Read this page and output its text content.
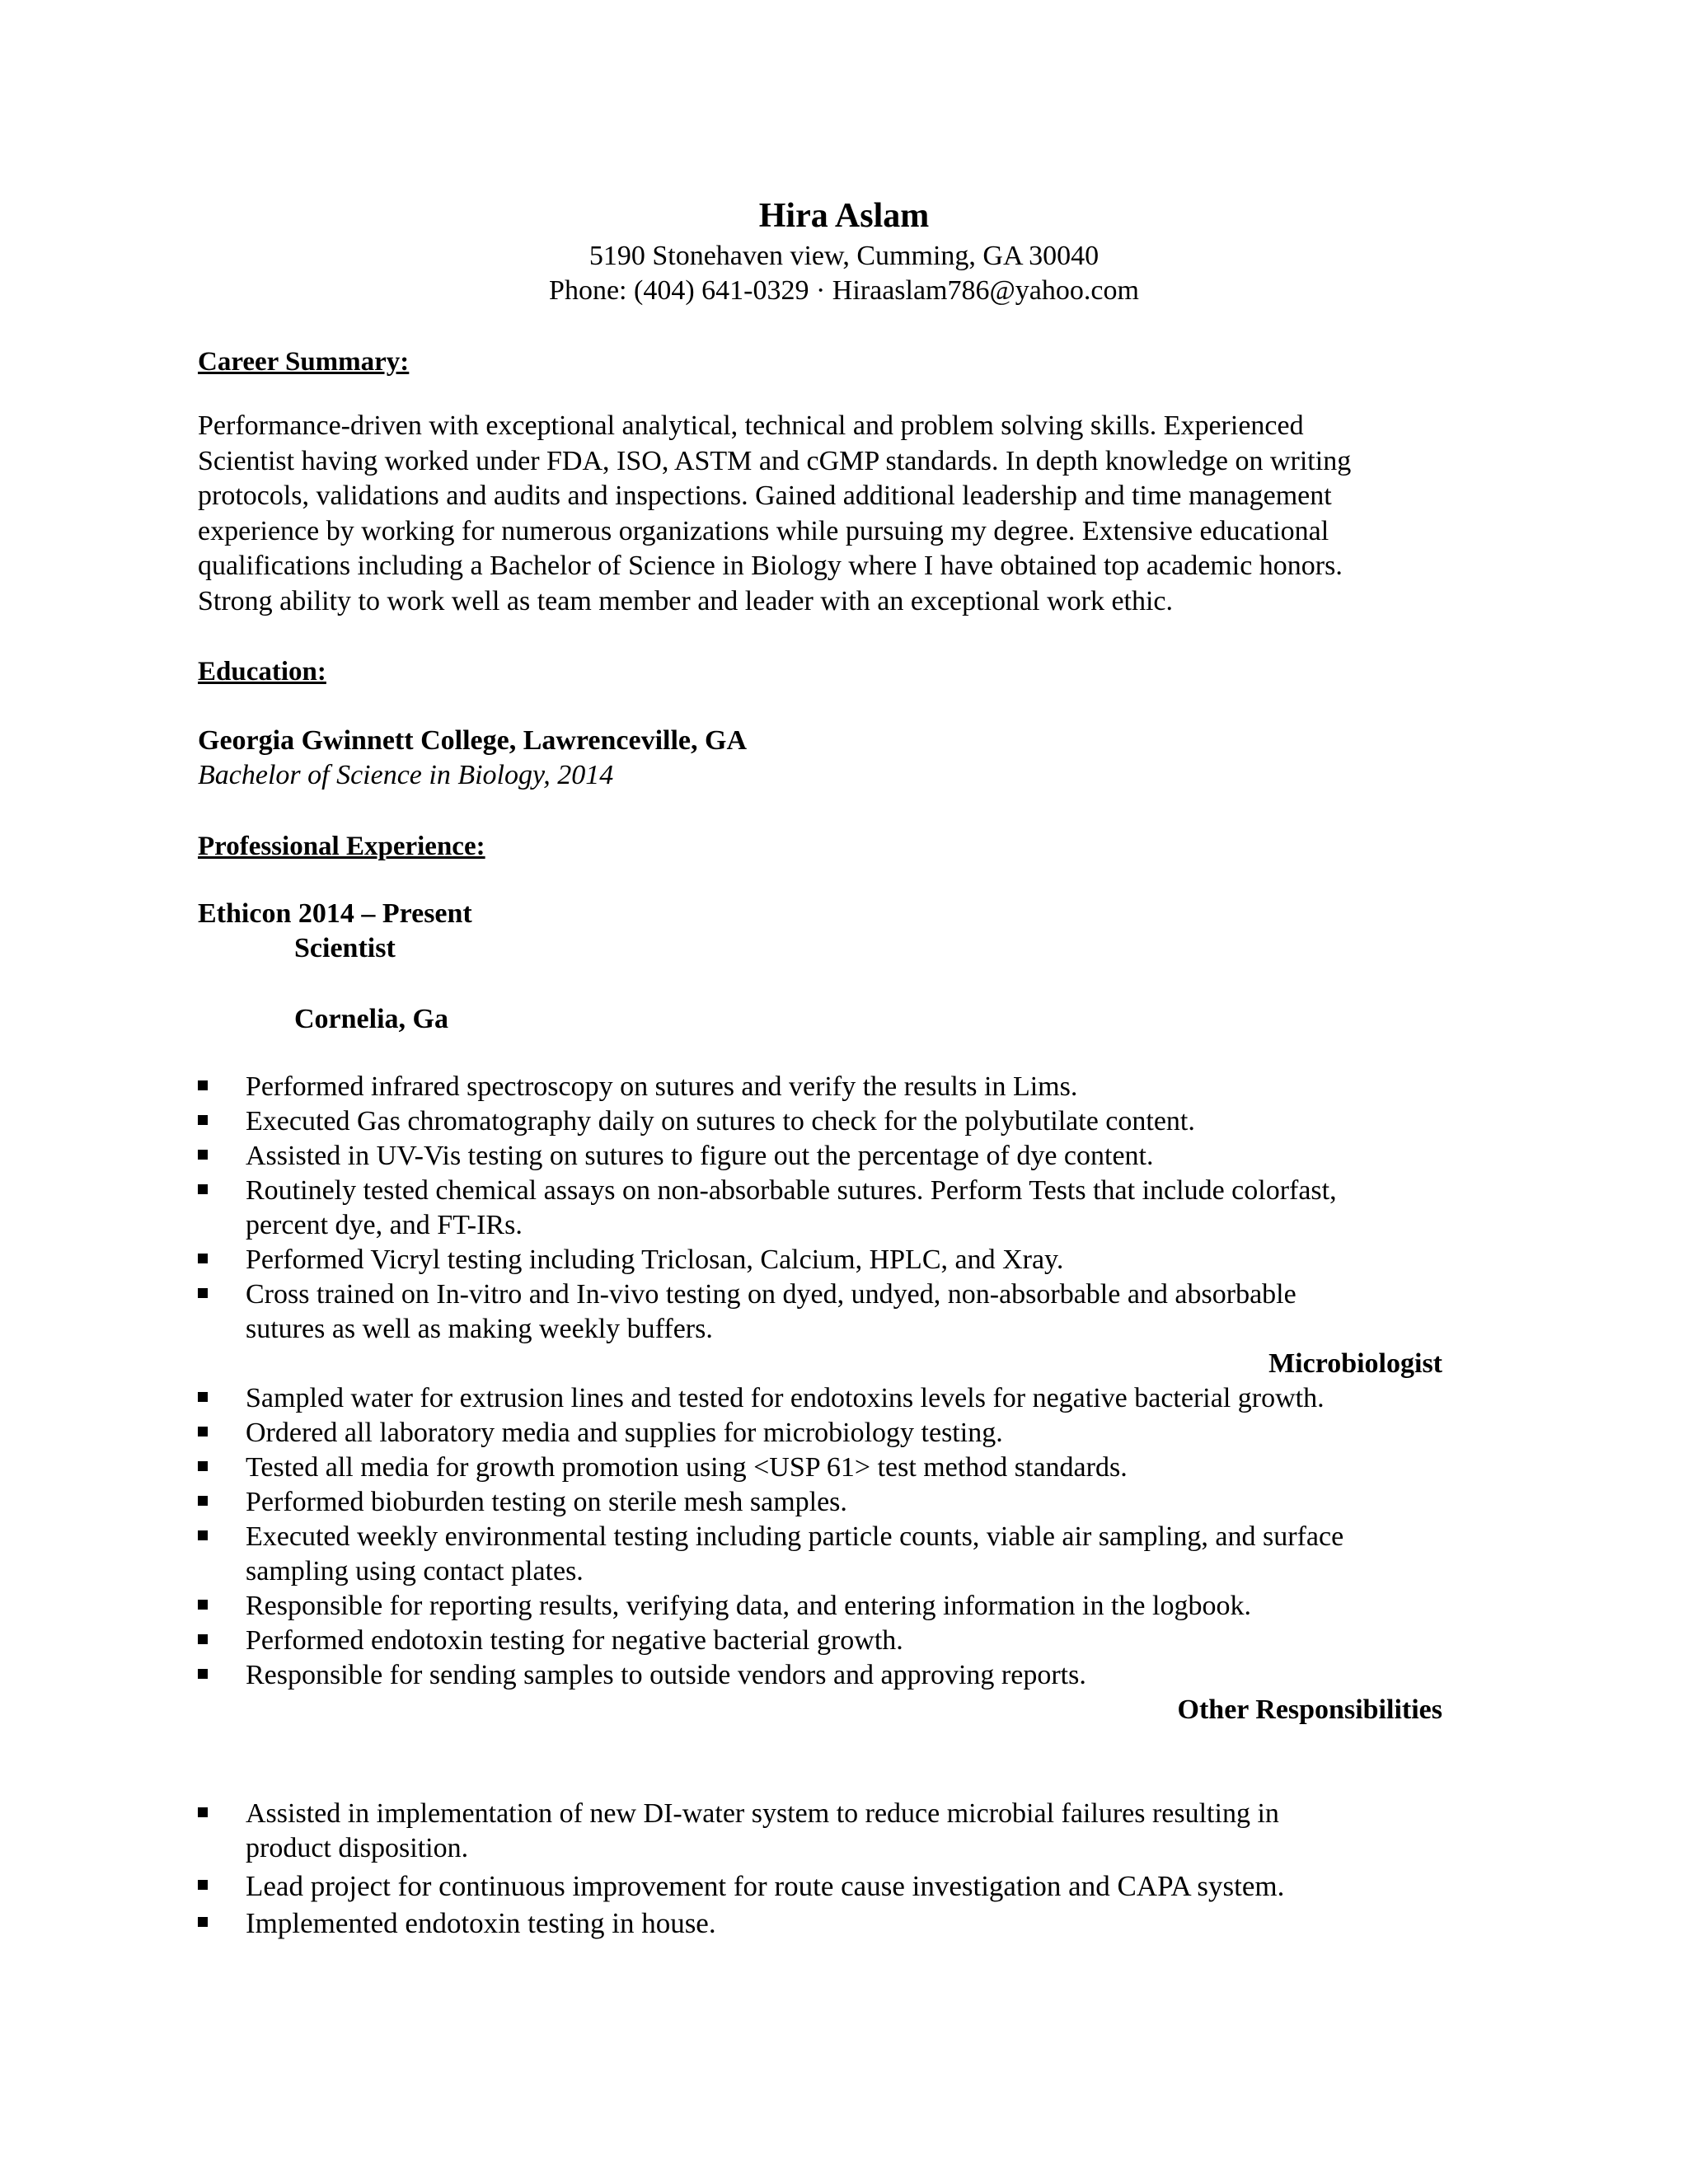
Hira Aslam
5190 Stonehaven view, Cumming, GA 30040
Phone: (404) 641-0329 · Hiraaslam786@yahoo.com
Career Summary:
Performance-driven with exceptional analytical, technical and problem solving skills. Experienced
Scientist having worked under FDA, ISO, ASTM and cGMP standards. In depth knowledge on writing
protocols, validations and audits and inspections. Gained additional leadership and time management
experience by working for numerous organizations while pursuing my degree. Extensive educational
qualifications including a Bachelor of Science in Biology where I have obtained top academic honors.
Strong ability to work well as team member and leader with an exceptional work ethic.
Education:
Georgia Gwinnett College, Lawrenceville, GA
Bachelor of Science in Biology, 2014
Professional Experience:
Ethicon 2014 – Present
Scientist
Cornelia, Ga
Performed infrared spectroscopy on sutures and verify the results in Lims.
Executed Gas chromatography daily on sutures to check for the polybutilate content.
Assisted in UV-Vis testing on sutures to figure out the percentage of dye content.
Routinely tested chemical assays on non-absorbable sutures. Perform Tests that include colorfast,
percent dye, and FT-IRs.
Performed Vicryl testing including Triclosan, Calcium, HPLC, and Xray.
Cross trained on In-vitro and In-vivo testing on dyed, undyed, non-absorbable and absorbable
sutures as well as making weekly buffers.
Microbiologist
Sampled water for extrusion lines and tested for endotoxins levels for negative bacterial growth.
Ordered all laboratory media and supplies for microbiology testing.
Tested all media for growth promotion using <USP 61> test method standards.
Performed bioburden testing on sterile mesh samples.
Executed weekly environmental testing including particle counts, viable air sampling, and surface
sampling using contact plates.
Responsible for reporting results, verifying data, and entering information in the logbook.
Performed endotoxin testing for negative bacterial growth.
Responsible for sending samples to outside vendors and approving reports.
Other Responsibilities
Assisted in implementation of new DI-water system to reduce microbial failures resulting in
product disposition.
Lead project for continuous improvement for route cause investigation and CAPA system.
Implemented endotoxin testing in house.
